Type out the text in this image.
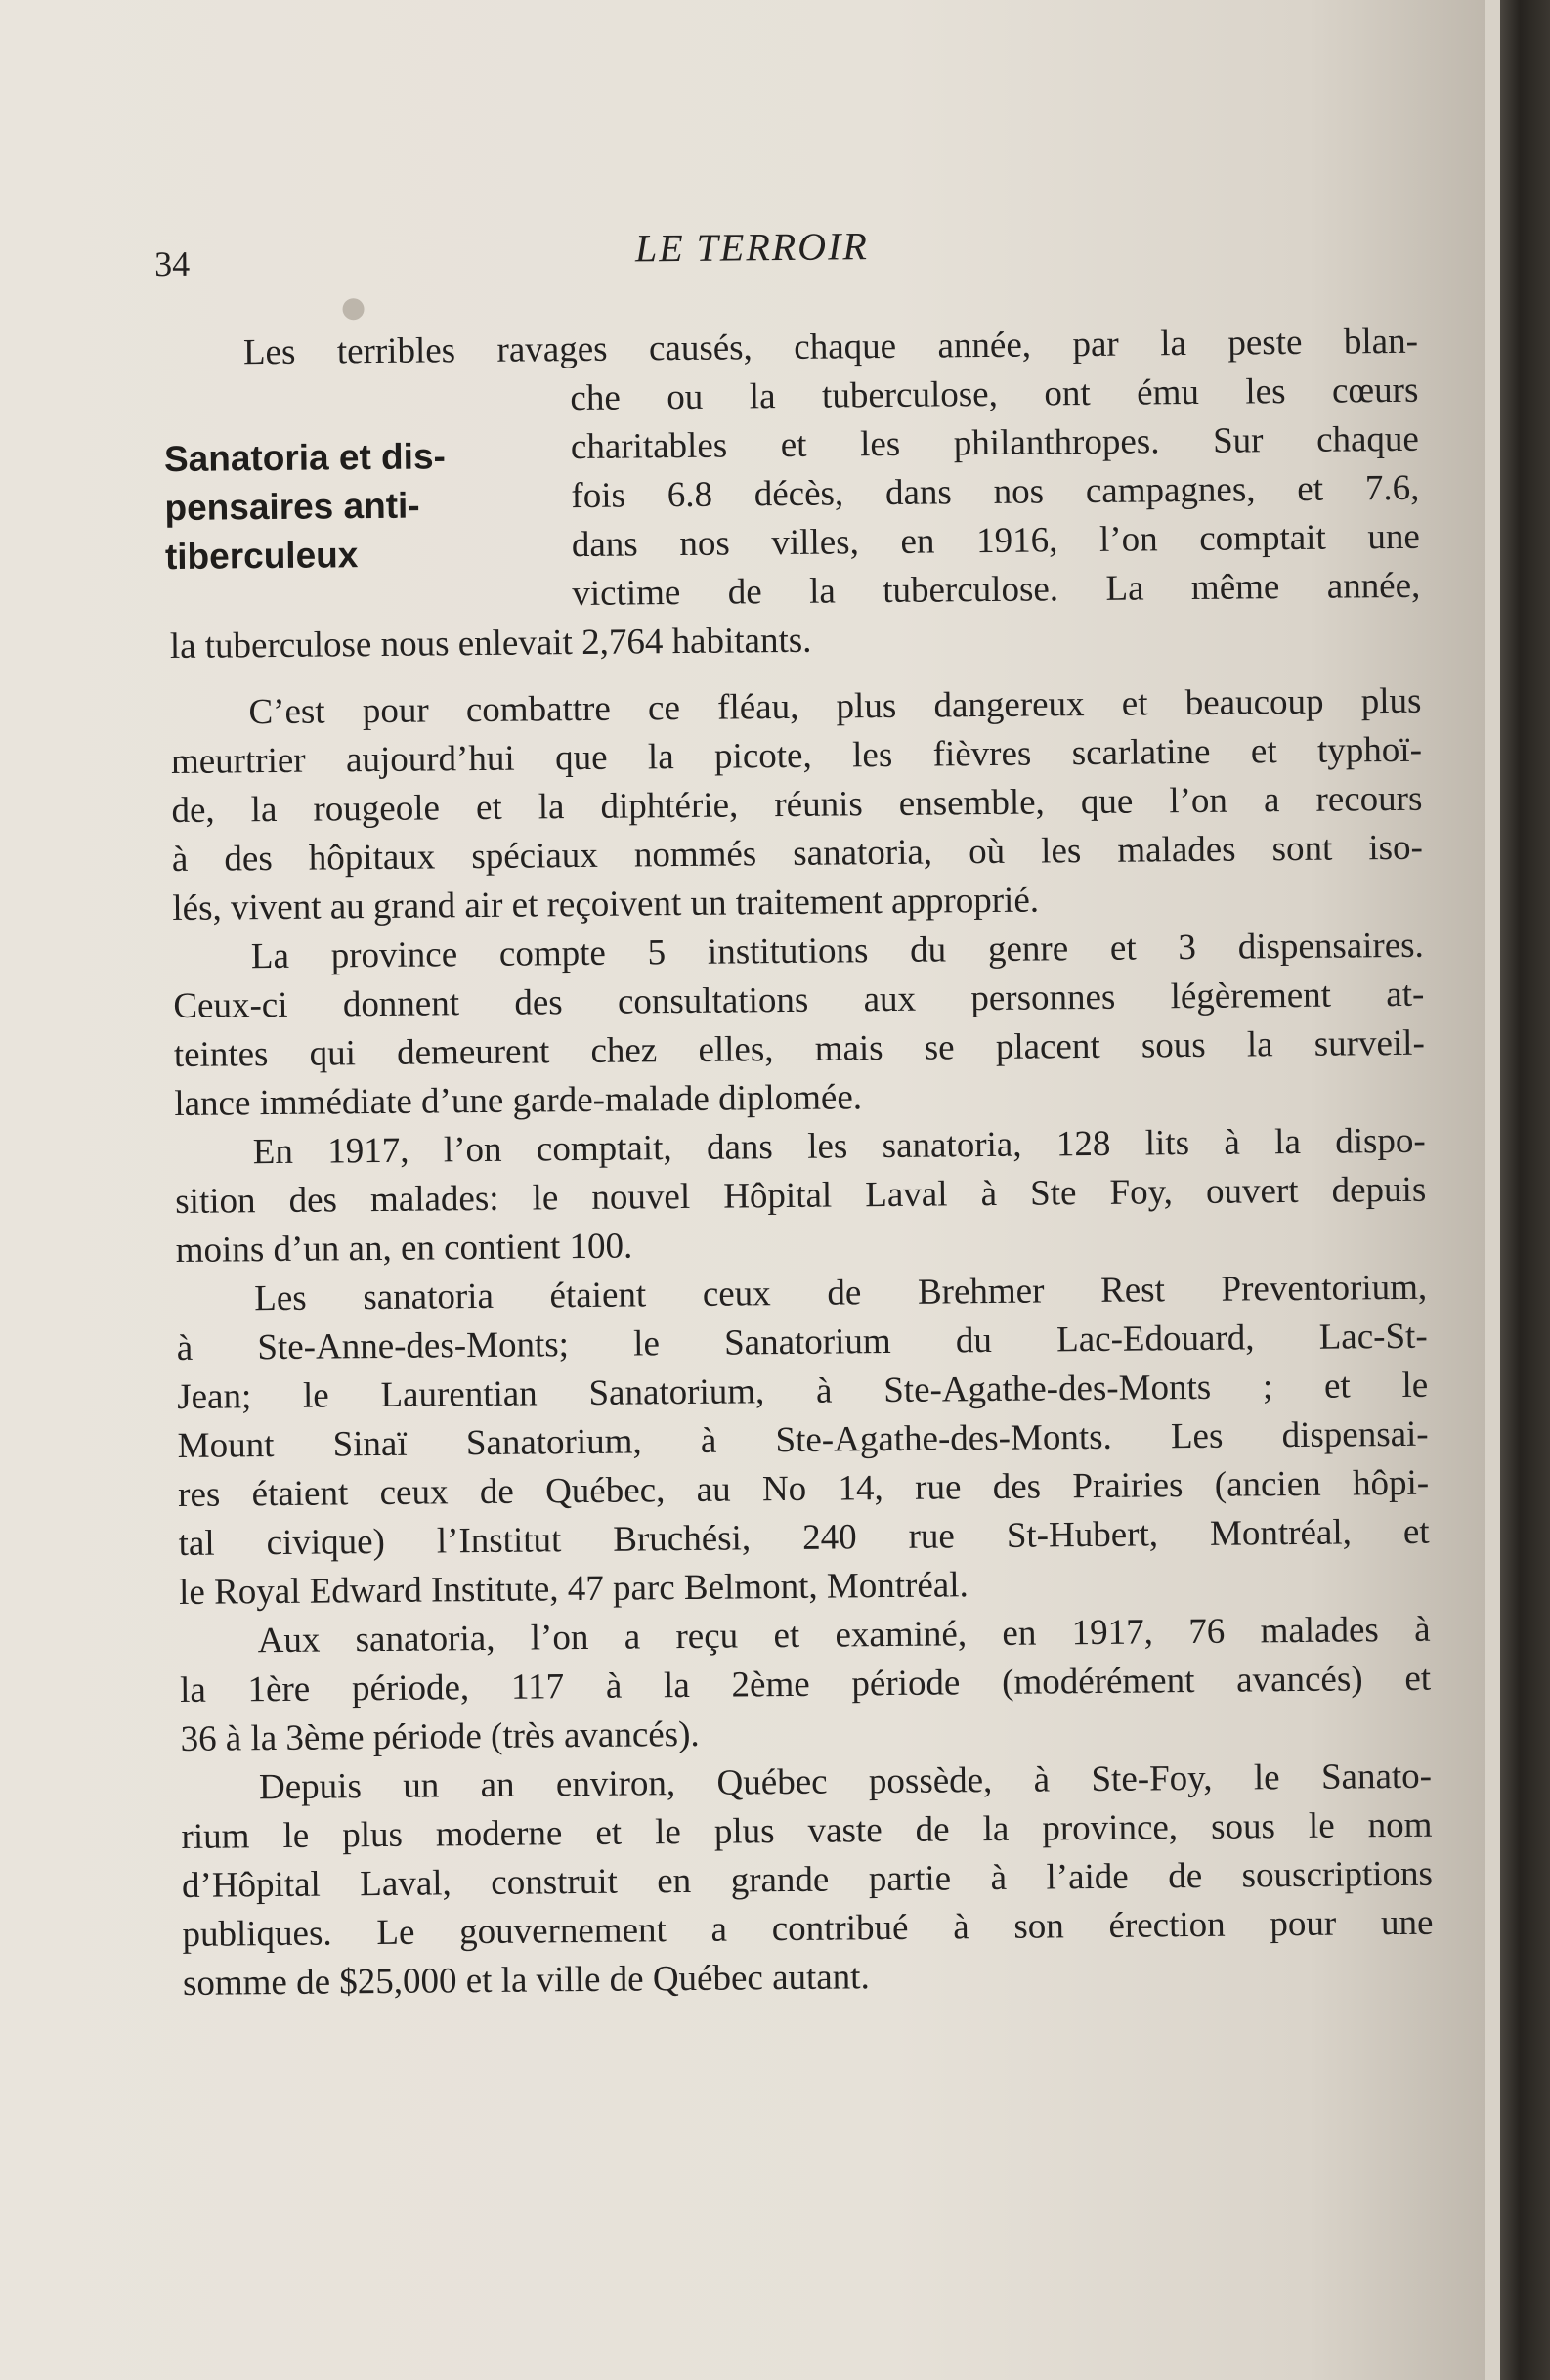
34	LE TERROIR
Sanatoria et dis-
pensaires anti-
tiberculeux
Les terribles ravages causés, chaque année, par la peste blan-
che ou la tuberculose, ont ému les cœurs
charitables et les philanthropes. Sur chaque
fois 6.8 décès, dans nos campagnes, et 7.6,
dans nos villes, en 1916, l’on comptait une
victime de la tuberculose. La même année,
la tuberculose nous enlevait 2,764 habitants.
C’est pour combattre ce fléau, plus dangereux et beaucoup plus
meurtrier aujourd’hui que la picote, les fièvres scarlatine et typhoï-
de, la rougeole et la diphtérie, réunis ensemble, que l’on a recours
à des hôpitaux spéciaux nommés sanatoria, où les malades sont iso-
lés, vivent au grand air et reçoivent un traitement approprié.
La province compte 5 institutions du genre et 3 dispensaires.
Ceux-ci donnent des consultations aux personnes légèrement at-
teintes qui demeurent chez elles, mais se placent sous la surveil-
lance immédiate d’une garde-malade diplomée.
En 1917, l’on comptait, dans les sanatoria, 128 lits à la dispo-
sition des malades: le nouvel Hôpital Laval à Ste Foy, ouvert depuis
moins d’un an, en contient 100.
Les sanatoria étaient ceux de Brehmer Rest Preventorium,
à Ste-Anne-des-Monts; le Sanatorium du Lac-Edouard, Lac-St-
Jean; le Laurentian Sanatorium, à Ste-Agathe-des-Monts ; et le
Mount Sinaï Sanatorium, à Ste-Agathe-des-Monts. Les dispensai-
res étaient ceux de Québec, au No 14, rue des Prairies (ancien hôpi-
tal civique) l’Institut Bruchési, 240 rue St-Hubert, Montréal, et
le Royal Edward Institute, 47 parc Belmont, Montréal.
Aux sanatoria, l’on a reçu et examiné, en 1917, 76 malades à
la 1ère période, 117 à la 2ème période (modérément avancés) et
36 à la 3ème période (très avancés).
Depuis un an environ, Québec possède, à Ste-Foy, le Sanato-
rium le plus moderne et le plus vaste de la province, sous le nom
d’Hôpital Laval, construit en grande partie à l’aide de souscriptions
publiques. Le gouvernement a contribué à son érection pour une
somme de $25,000 et la ville de Québec autant.
